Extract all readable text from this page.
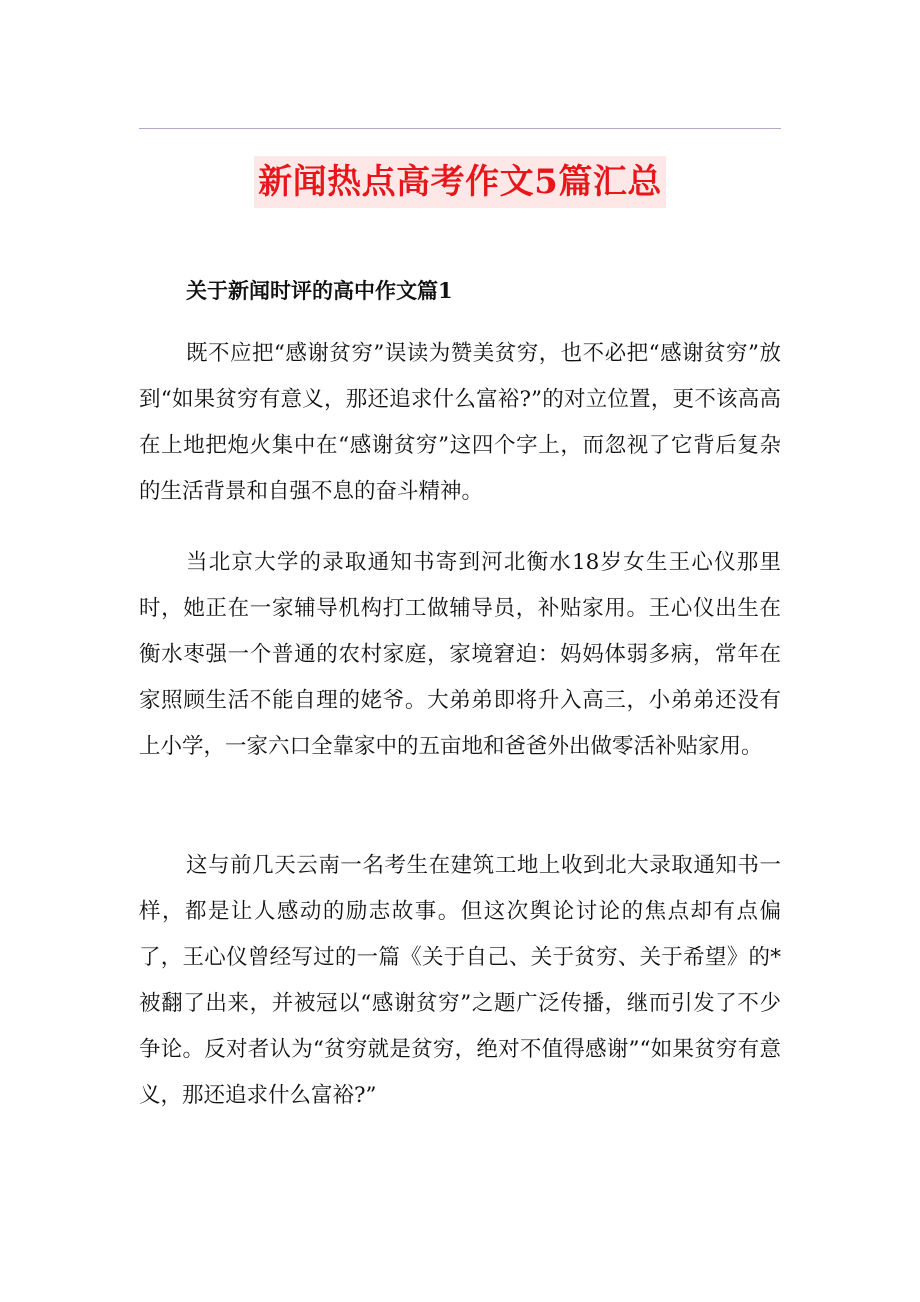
新闻热点高考作文5篇汇总
关于新闻时评的高中作文篇1

既不应把“感谢贫穷”误读为赞美贫穷，也不必把“感谢贫穷”放到“如果贫穷有意义，那还追求什么富裕?”的对立位置，更不该高高在上地把炮火集中在“感谢贫穷”这四个字上，而忽视了它背后复杂的生活背景和自强不息的奋斗精神。

当北京大学的录取通知书寄到河北衡水18岁女生王心仪那里时，她正在一家辅导机构打工做辅导员，补贴家用。王心仪出生在衡水枣强一个普通的农村家庭，家境窘迫：妈妈体弱多病，常年在家照顾生活不能自理的姥爷。大弟弟即将升入高三，小弟弟还没有上小学，一家六口全靠家中的五亩地和爸爸外出做零活补贴家用。

这与前几天云南一名考生在建筑工地上收到北大录取通知书一样，都是让人感动的励志故事。但这次舆论讨论的焦点却有点偏了，王心仪曾经写过的一篇《关于自己、关于贫穷、关于希望》的*被翻了出来，并被冠以“感谢贫穷”之题广泛传播，继而引发了不少争论。反对者认为“贫穷就是贫穷，绝对不值得感谢”“如果贫穷有意义，那还追求什么富裕?”
